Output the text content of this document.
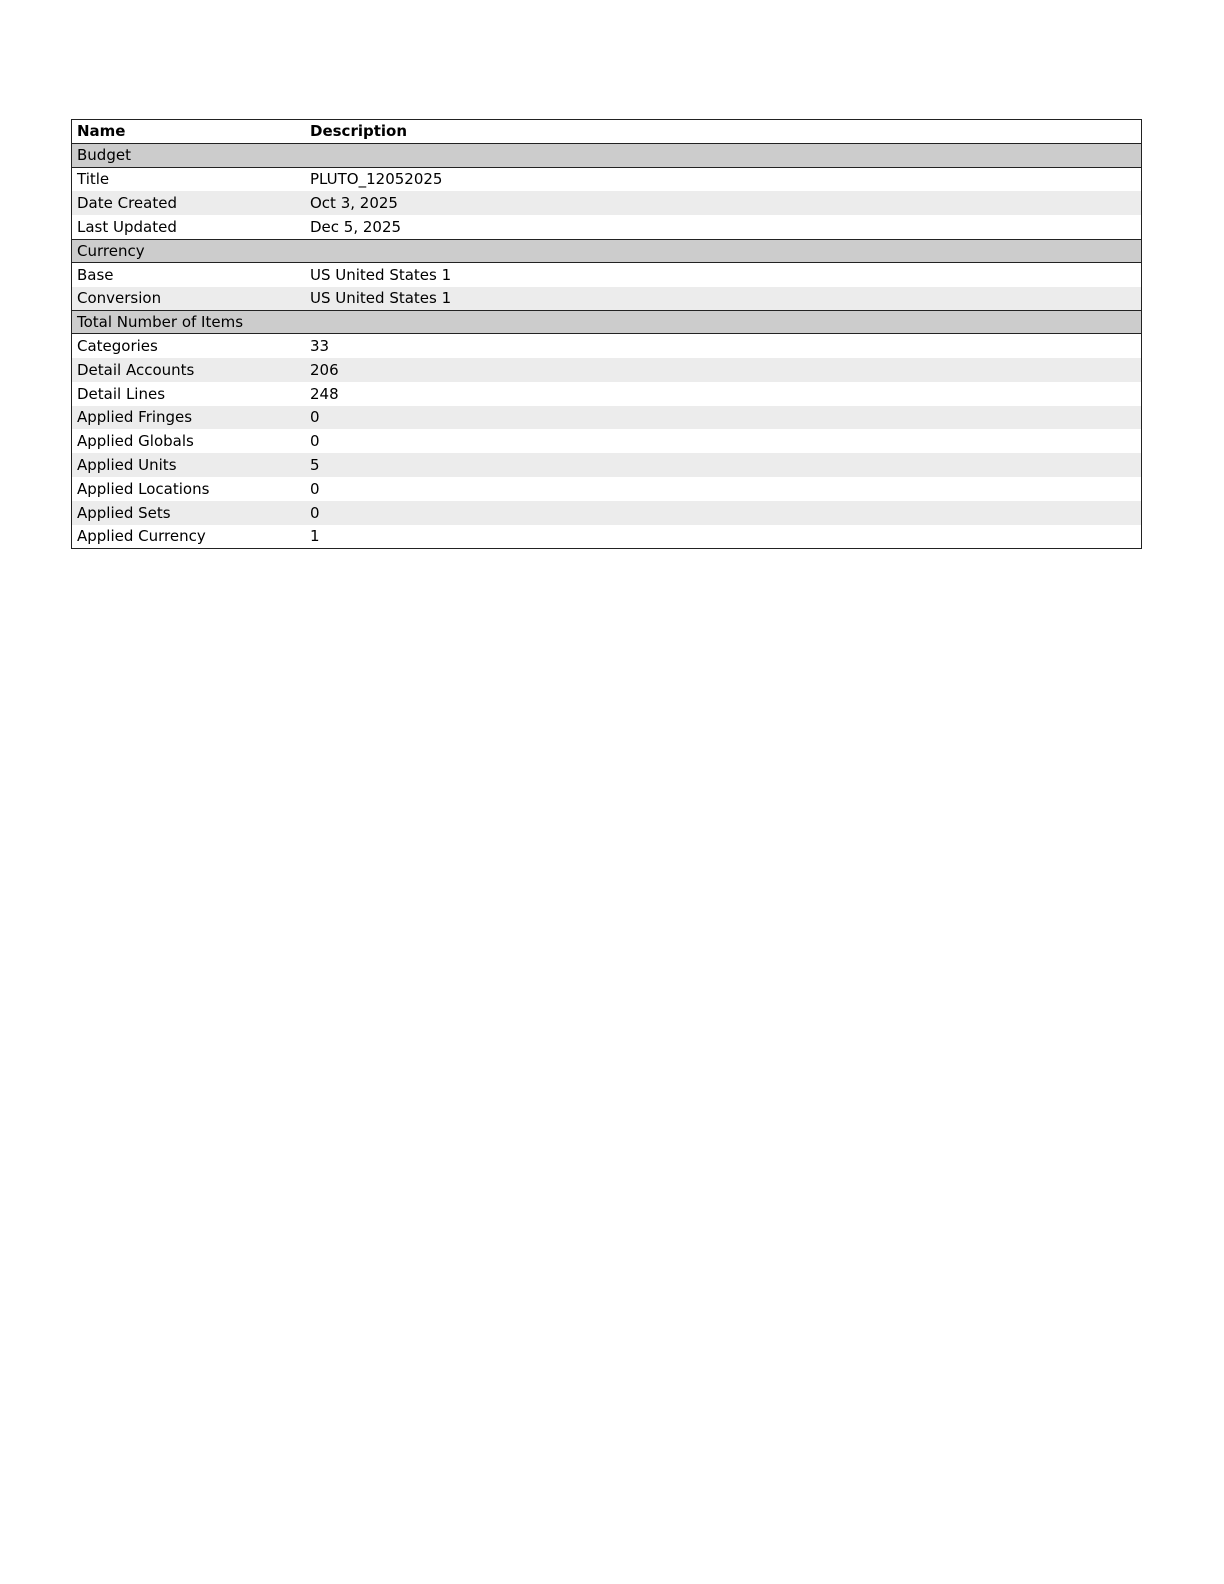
Name	Description
Budget
Title	PLUTO_12052025
Date Created	Oct 3, 2025
Last Updated	Dec 5, 2025
Currency
Base	US United States 1
Conversion	US United States 1
Total Number of Items
Categories	33
Detail Accounts	206
Detail Lines	248
Applied Fringes	0
Applied Globals	0
Applied Units	5
Applied Locations	0
Applied Sets	0
Applied Currency	1
